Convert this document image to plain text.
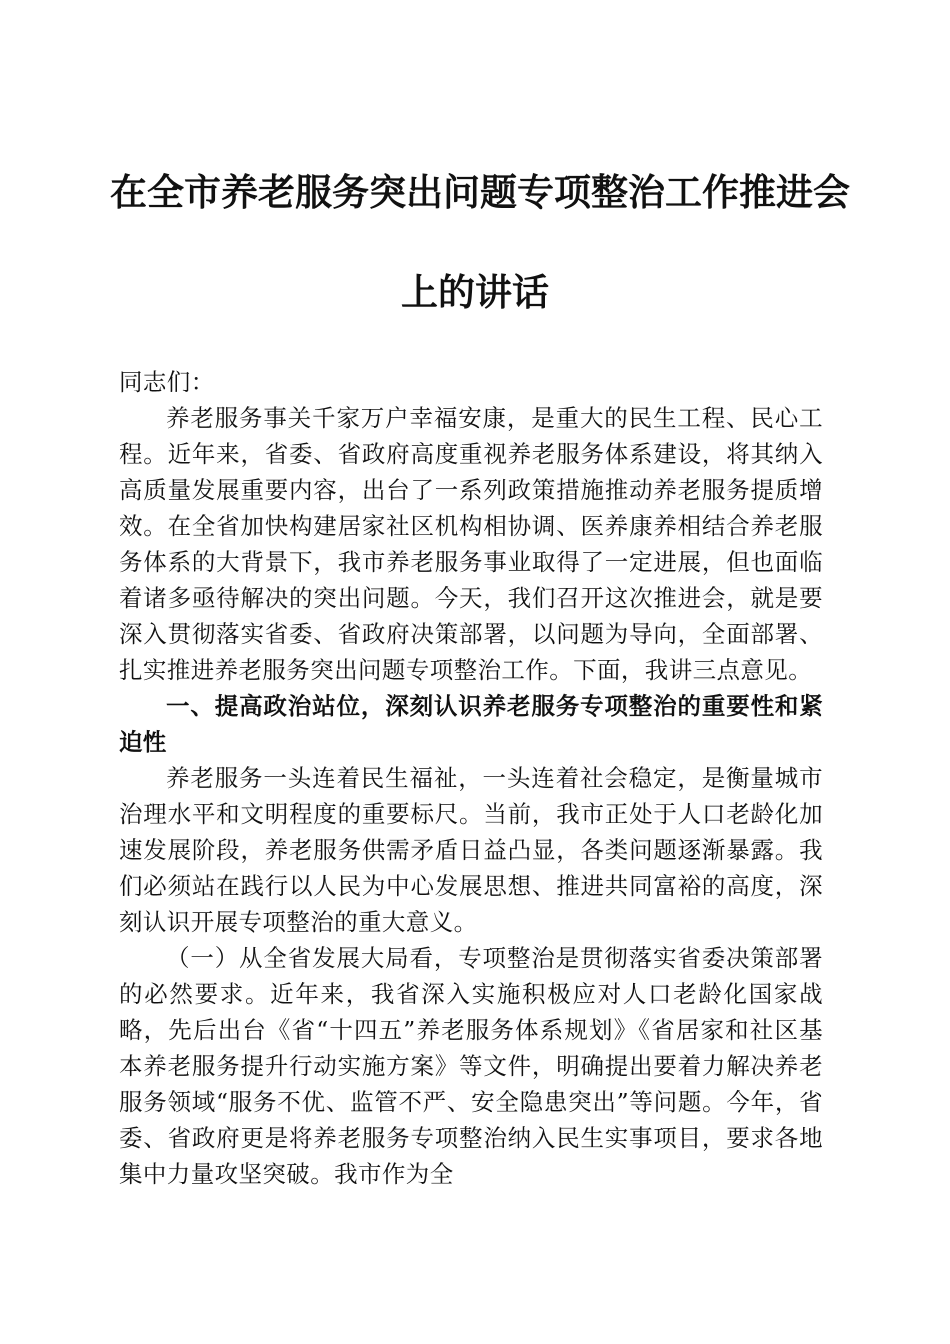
在全市养老服务突出问题专项整治工作推进会
上的讲话

同志们：

养老服务事关千家万户幸福安康，是重大的民生工程、民心工程。近年来，省委、省政府高度重视养老服务体系建设，将其纳入高质量发展重要内容，出台了一系列政策措施推动养老服务提质增效。在全省加快构建居家社区机构相协调、医养康养相结合养老服务体系的大背景下，我市养老服务事业取得了一定进展，但也面临着诸多亟待解决的突出问题。今天，我们召开这次推进会，就是要深入贯彻落实省委、省政府决策部署，以问题为导向，全面部署、扎实推进养老服务突出问题专项整治工作。下面，我讲三点意见。

一、提高政治站位，深刻认识养老服务专项整治的重要性和紧迫性

养老服务一头连着民生福祉，一头连着社会稳定，是衡量城市治理水平和文明程度的重要标尺。当前，我市正处于人口老龄化加速发展阶段，养老服务供需矛盾日益凸显，各类问题逐渐暴露。我们必须站在践行以人民为中心发展思想、推进共同富裕的高度，深刻认识开展专项整治的重大意义。

（一）从全省发展大局看，专项整治是贯彻落实省委决策部署的必然要求。近年来，我省深入实施积极应对人口老龄化国家战略，先后出台《省“十四五”养老服务体系规划》《省居家和社区基本养老服务提升行动实施方案》等文件，明确提出要着力解决养老服务领域“服务不优、监管不严、安全隐患突出”等问题。今年，省委、省政府更是将养老服务专项整治纳入民生实事项目，要求各地集中力量攻坚突破。我市作为全
